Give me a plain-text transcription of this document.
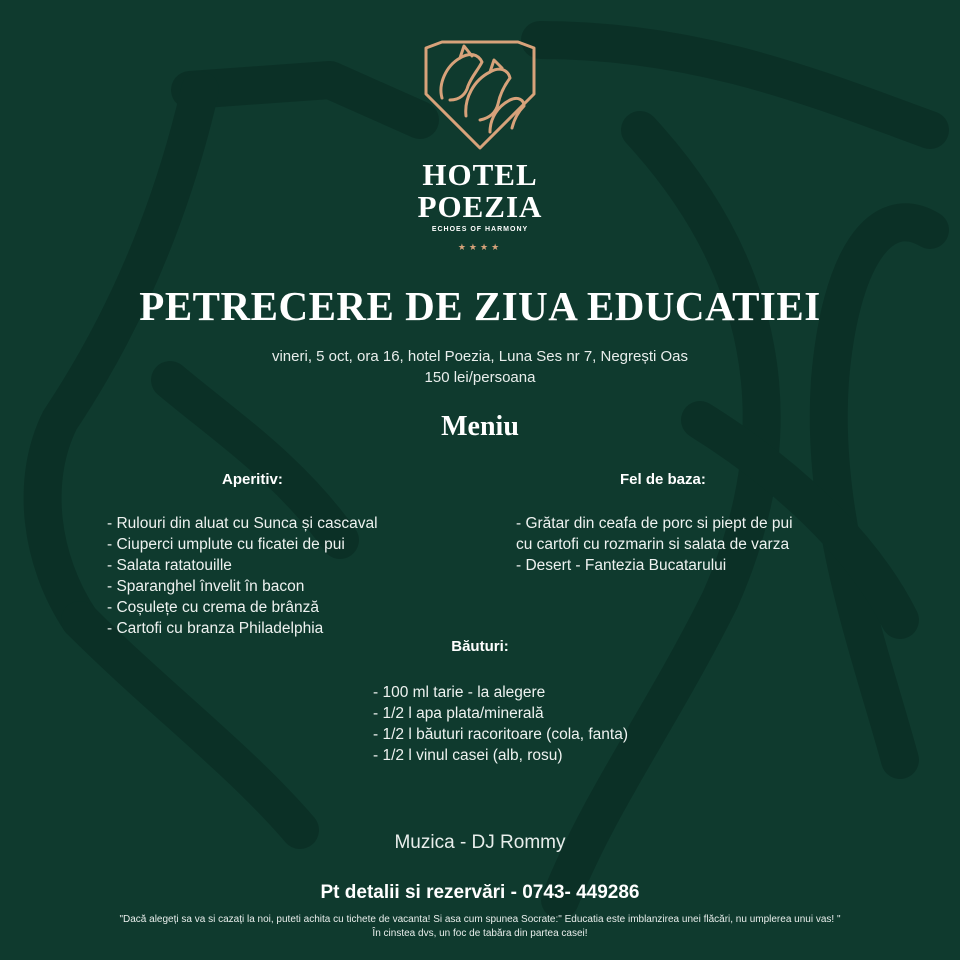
HOTEL
POEZIA
ECHOES OF HARMONY
★★★★
PETRECERE DE ZIUA EDUCATIEI
vineri, 5 oct, ora 16, hotel Poezia, Luna Ses nr 7, Negrești Oas
150 lei/persoana
Meniu
Aperitiv:	Fel de baza:
- Rulouri din aluat cu Sunca și cascaval
- Ciuperci umplute cu ficatei de pui
- Salata ratatouille
- Sparanghel învelit în bacon
- Coșulețe cu crema de brânză
- Cartofi cu branza Philadelphia
- Grătar din ceafa de porc si piept de pui
cu cartofi cu rozmarin si salata de varza
- Desert - Fantezia Bucatarului
Băuturi:
- 100 ml tarie - la alegere
- 1/2 l apa plata/minerală
- 1/2 l băuturi racoritoare (cola, fanta)
- 1/2 l vinul casei (alb, rosu)
Muzica - DJ Rommy
Pt detalii si rezervări - 0743- 449286
"Dacă alegeți sa va si cazați la noi, puteti achita cu tichete de vacanta! Si asa cum spunea Socrate:" Educatia este imblanzirea unei flăcări, nu umplerea unui vas! "
În cinstea dvs, un foc de tabăra din partea casei!
